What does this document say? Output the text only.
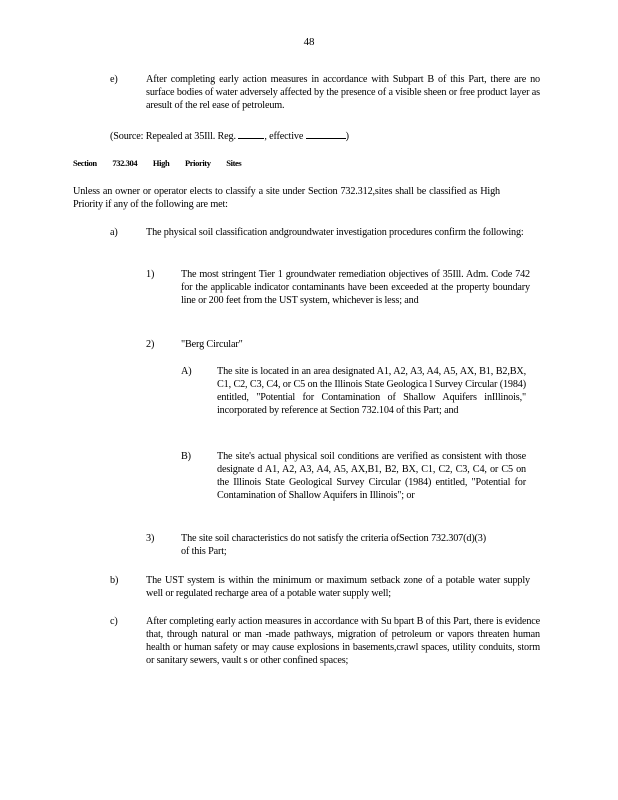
48
e)	After completing early action measures in accordance with Subpart B of this Part, there are no surface bodies of water adversely affected by the presence of a visible sheen or free product layer as aresult of the rel ease of petroleum.
(Source: Repealed at 35Ill. Reg.	, effective	)
Section 732.304 High Priority Sites
Unless an owner or operator elects to classify a site under Section 732.312,sites shall be classified as High Priority if any of the following are met:
a)	The physical soil classification andgroundwater investigation procedures confirm the following:
1)	The most stringent Tier 1 groundwater remediation objectives of 35Ill. Adm. Code 742 for the applicable indicator contaminants have been exceeded at the property boundary line or 200 feet from the UST system, whichever is less; and
2)	"Berg Circular"
A)	The site is located in an area designated A1, A2, A3, A4, A5, AX, B1, B2,BX, C1, C2, C3, C4, or C5 on the Illinois State Geologica l Survey Circular (1984) entitled, "Potential for Contamination of Shallow Aquifers inIllinois," incorporated by reference at Section 732.104 of this Part; and
B)	The site's actual physical soil conditions are verified as consistent with those designate d A1, A2, A3, A4, A5, AX,B1, B2, BX, C1, C2, C3, C4, or C5 on the Illinois State Geological Survey Circular (1984) entitled, "Potential for Contamination of Shallow Aquifers in Illinois"; or
3)	The site soil characteristics do not satisfy the criteria ofSection 732.307(d)(3) of this Part;
b)	The UST system is within the minimum or maximum setback zone of a potable water supply well or regulated recharge area of a potable water supply well;
c)	After completing early action measures in accordance with Su bpart B of this Part, there is evidence that, through natural or man -made pathways, migration of petroleum or vapors threaten human health or human safety or may cause explosions in basements,crawl spaces, utility conduits, storm or sanitary sewers, vault s or other confined spaces;
